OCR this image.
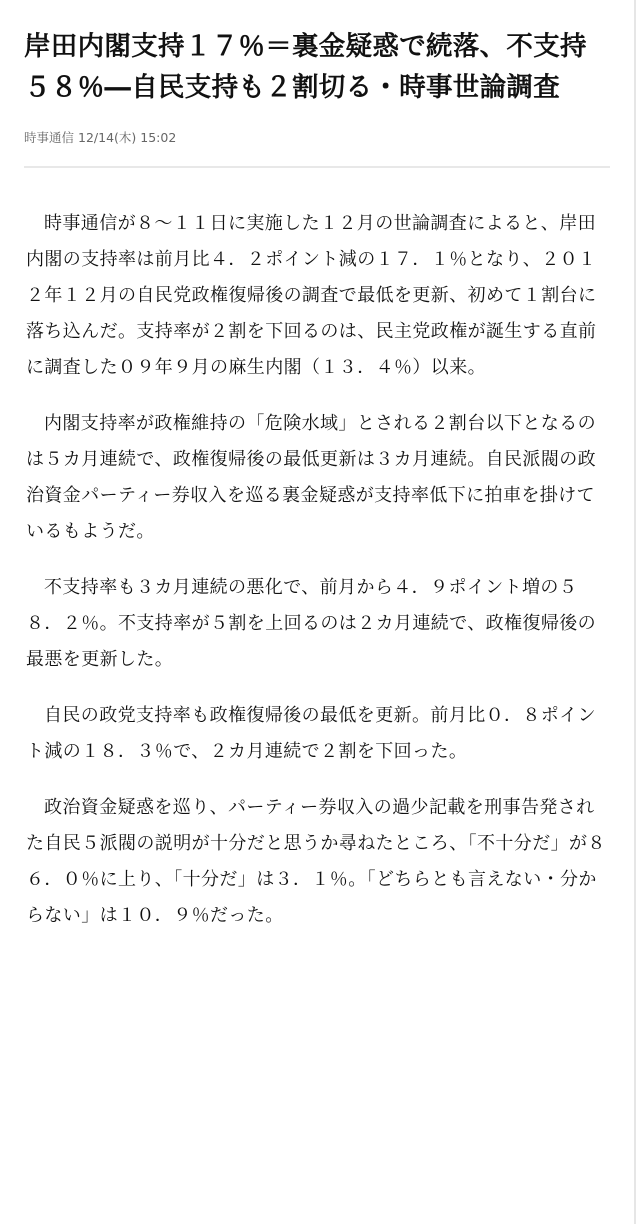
岸田内閣支持１７％＝裏金疑惑で続落、不支持５８％―自民支持も２割切る・時事世論調査
時事通信 12/14(木) 15:02

時事通信が８～１１日に実施した１２月の世論調査によると、岸田内閣の支持率は前月比４．２ポイント減の１７．１％となり、２０１２年１２月の自民党政権復帰後の調査で最低を更新、初めて１割台に落ち込んだ。支持率が２割を下回るのは、民主党政権が誕生する直前に調査した０９年９月の麻生内閣（１３．４％）以来。

内閣支持率が政権維持の「危険水域」とされる２割台以下となるのは５カ月連続で、政権復帰後の最低更新は３カ月連続。自民派閥の政治資金パーティー券収入を巡る裏金疑惑が支持率低下に拍車を掛けているもようだ。

不支持率も３カ月連続の悪化で、前月から４．９ポイント増の５８．２％。不支持率が５割を上回るのは２カ月連続で、政権復帰後の最悪を更新した。

自民の政党支持率も政権復帰後の最低を更新。前月比０．８ポイント減の１８．３％で、２カ月連続で２割を下回った。

政治資金疑惑を巡り、パーティー券収入の過少記載を刑事告発された自民５派閥の説明が十分だと思うか尋ねたところ、「不十分だ」が８６．０％に上り、「十分だ」は３．１％。「どちらとも言えない・分からない」は１０．９％だった。
